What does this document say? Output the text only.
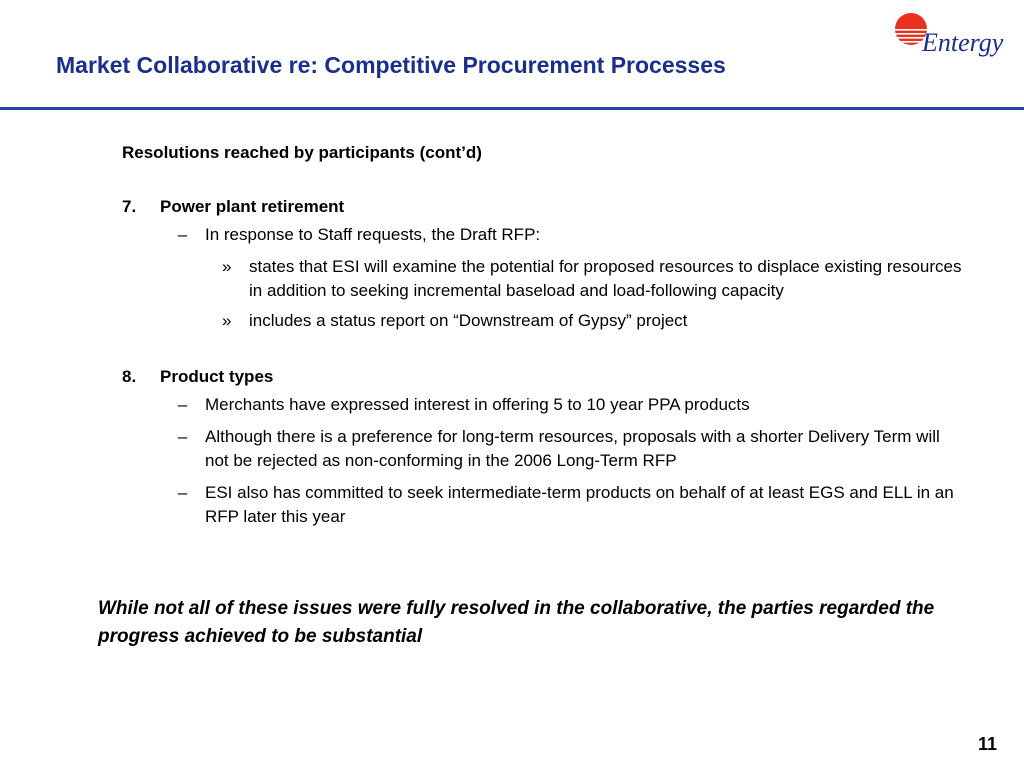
Market Collaborative re: Competitive Procurement Processes
Entergy
Resolutions reached by participants (cont’d)
7.	Power plant retirement
–	In response to Staff requests, the Draft RFP:
»	states that ESI will examine the potential for proposed resources to displace existing resources in addition to seeking incremental baseload and load-following capacity
»	includes a status report on “Downstream of Gypsy” project
8.	Product types
–	Merchants have expressed interest in offering 5 to 10 year PPA products
–	Although there is a preference for long-term resources, proposals with a shorter Delivery Term will not be rejected as non-conforming in the 2006 Long-Term RFP
–	ESI also has committed to seek intermediate-term products on behalf of at least EGS and ELL in an RFP later this year
While not all of these issues were fully resolved in the collaborative, the parties regarded the progress achieved to be substantial
11
